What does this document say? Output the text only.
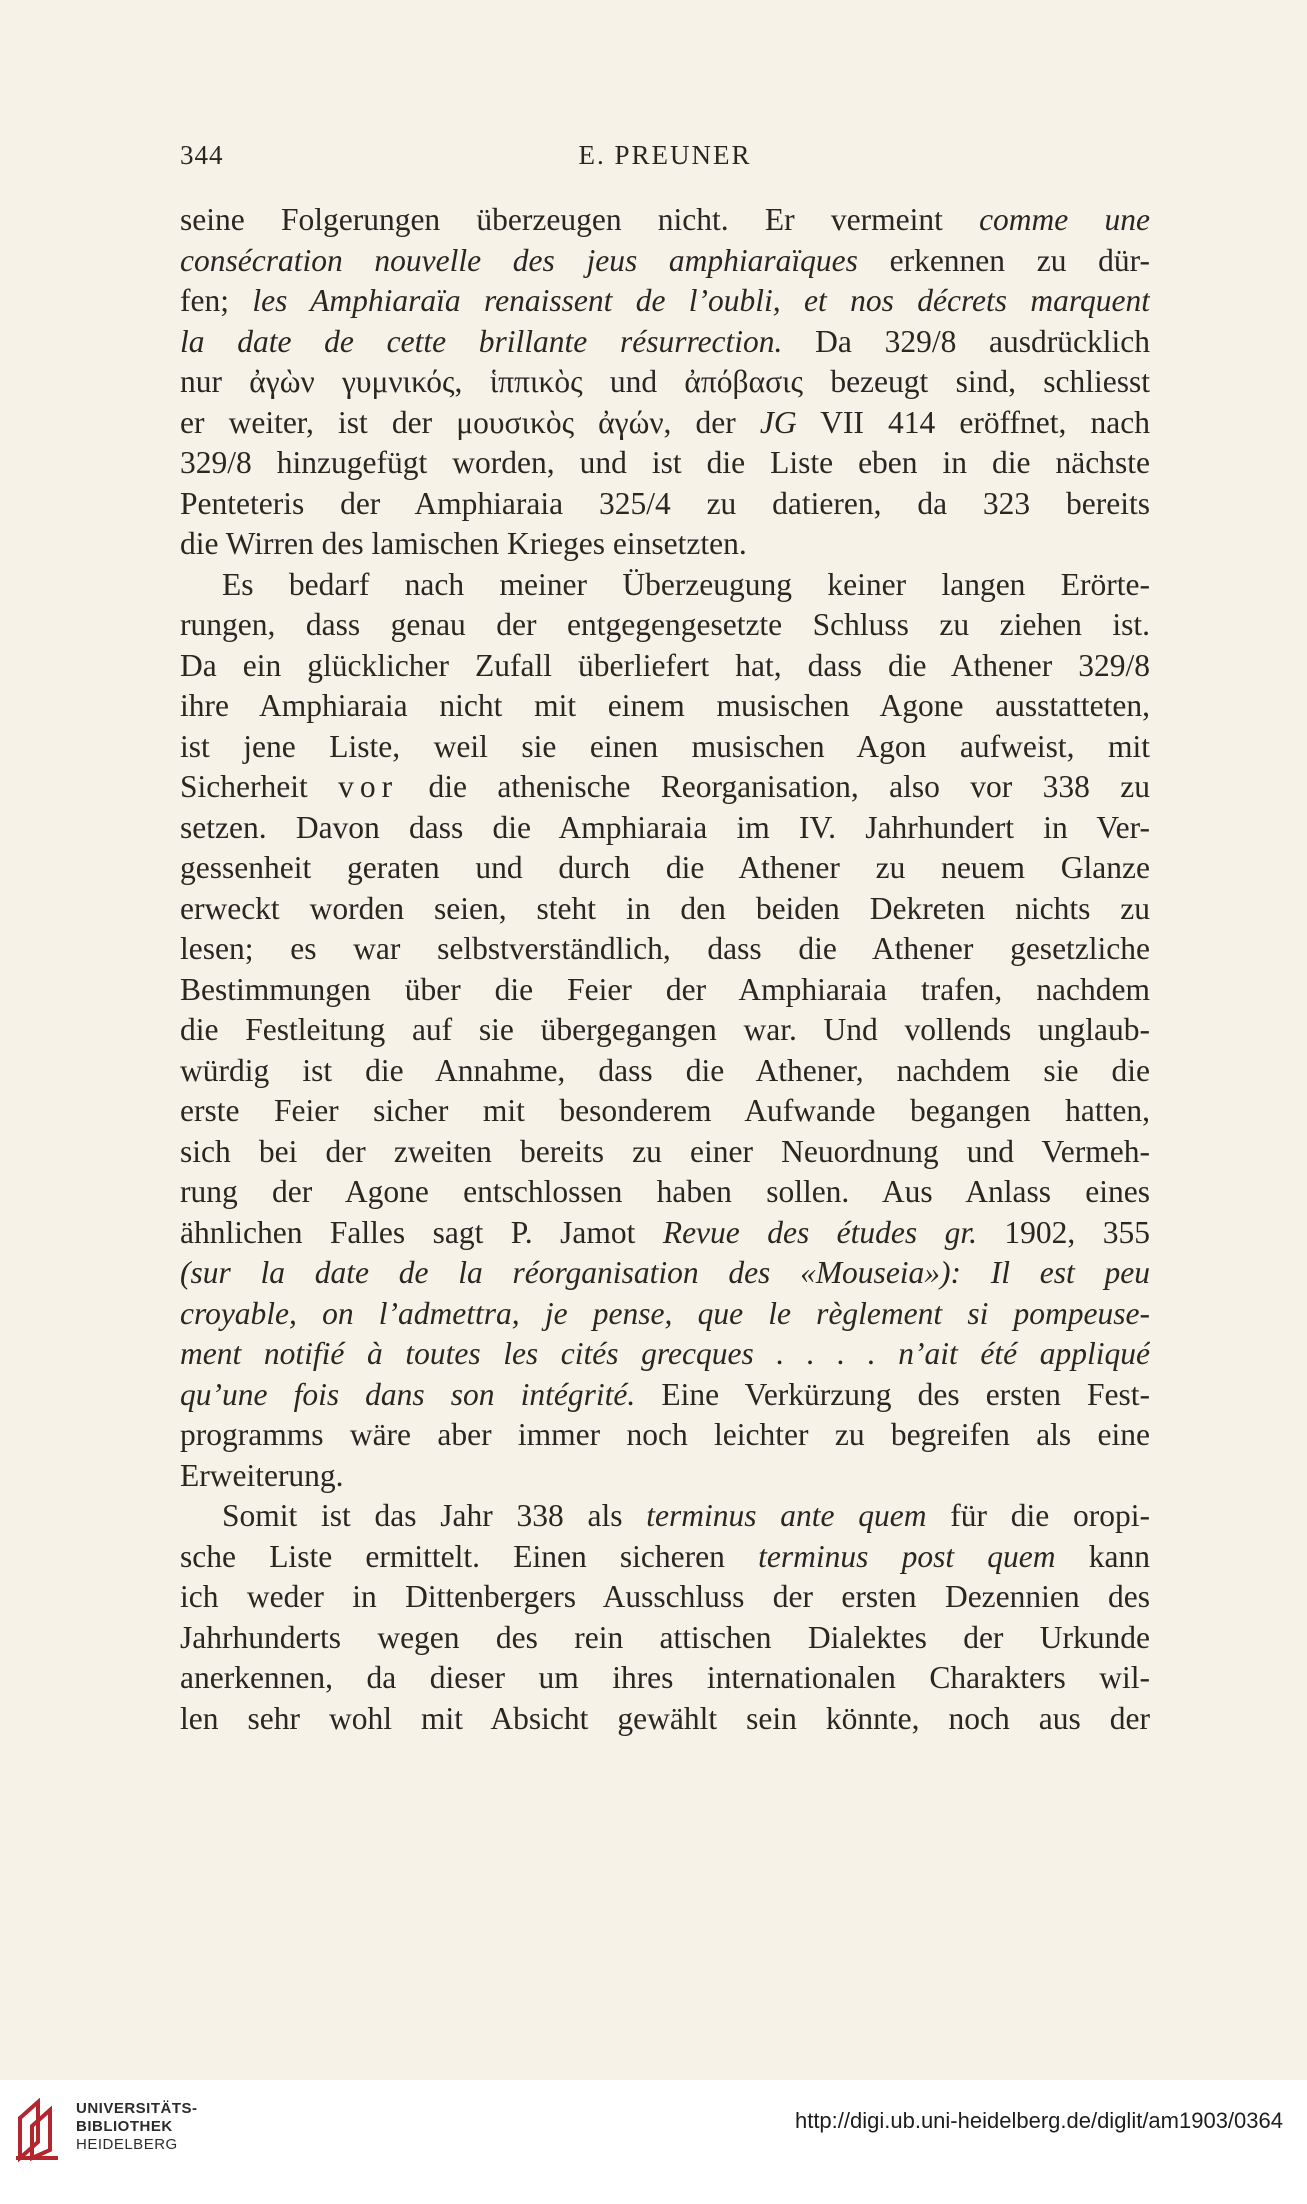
344	E. PREUNER
seine Folgerungen überzeugen nicht. Er vermeint comme une
consécration nouvelle des jeus amphiaraïques erkennen zu dür-
fen; les Amphiaraïa renaissent de l’oubli, et nos décrets marquent
la date de cette brillante résurrection. Da 329/8 ausdrücklich
nur ἀγὼν γυμνικός, ἱππικὸς und ἀπόβασις bezeugt sind, schliesst
er weiter, ist der μουσικὸς ἀγών, der JG VII 414 eröffnet, nach
329/8 hinzugefügt worden, und ist die Liste eben in die nächste
Penteteris der Amphiaraia 325/4 zu datieren, da 323 bereits
die Wirren des lamischen Krieges einsetzten.
Es bedarf nach meiner Überzeugung keiner langen Erörte-
rungen, dass genau der entgegengesetzte Schluss zu ziehen ist.
Da ein glücklicher Zufall überliefert hat, dass die Athener 329/8
ihre Amphiaraia nicht mit einem musischen Agone ausstatteten,
ist jene Liste, weil sie einen musischen Agon aufweist, mit
Sicherheit vor die athenische Reorganisation, also vor 338 zu
setzen. Davon dass die Amphiaraia im IV. Jahrhundert in Ver-
gessenheit geraten und durch die Athener zu neuem Glanze
erweckt worden seien, steht in den beiden Dekreten nichts zu
lesen; es war selbstverständlich, dass die Athener gesetzliche
Bestimmungen über die Feier der Amphiaraia trafen, nachdem
die Festleitung auf sie übergegangen war. Und vollends unglaub-
würdig ist die Annahme, dass die Athener, nachdem sie die
erste Feier sicher mit besonderem Aufwande begangen hatten,
sich bei der zweiten bereits zu einer Neuordnung und Vermeh-
rung der Agone entschlossen haben sollen. Aus Anlass eines
ähnlichen Falles sagt P. Jamot Revue des études gr. 1902, 355
(sur la date de la réorganisation des «Mouseia»): Il est peu
croyable, on l’admettra, je pense, que le règlement si pompeuse-
ment notifié à toutes les cités grecques . . . . n’ait été appliqué
qu’une fois dans son intégrité. Eine Verkürzung des ersten Fest-
programms wäre aber immer noch leichter zu begreifen als eine
Erweiterung.
Somit ist das Jahr 338 als terminus ante quem für die oropi-
sche Liste ermittelt. Einen sicheren terminus post quem kann
ich weder in Dittenbergers Ausschluss der ersten Dezennien des
Jahrhunderts wegen des rein attischen Dialektes der Urkunde
anerkennen, da dieser um ihres internationalen Charakters wil-
len sehr wohl mit Absicht gewählt sein könnte, noch aus der
UNIVERSITÄTS-
BIBLIOTHEK
HEIDELBERG
http://digi.ub.uni-heidelberg.de/diglit/am1903/0364
